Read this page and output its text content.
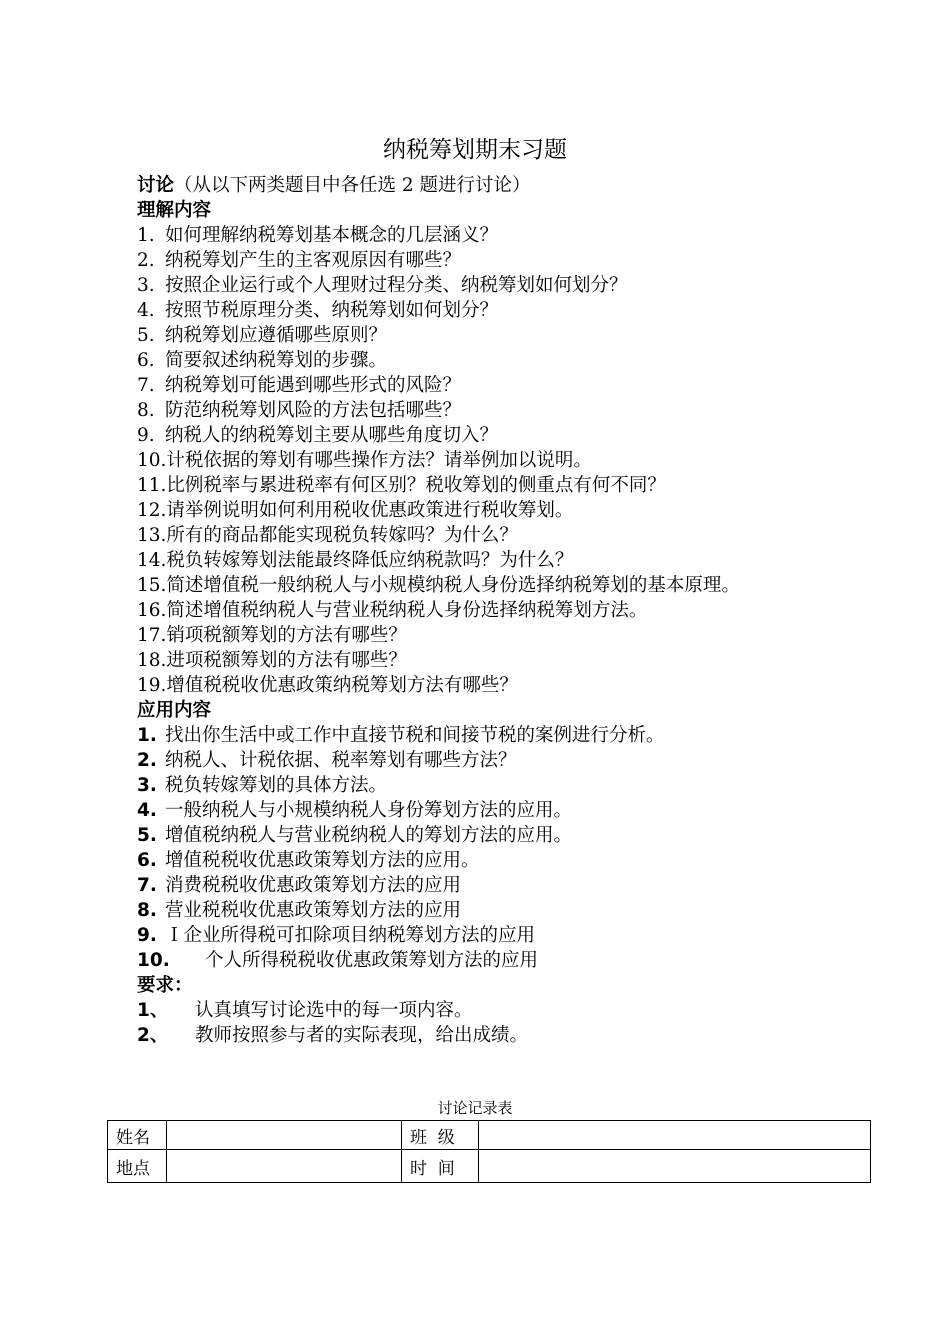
纳税筹划期末习题
讨论（从以下两类题目中各任选 2 题进行讨论）
理解内容
1. 如何理解纳税筹划基本概念的几层涵义？
2. 纳税筹划产生的主客观原因有哪些？
3. 按照企业运行或个人理财过程分类、纳税筹划如何划分？
4. 按照节税原理分类、纳税筹划如何划分？
5. 纳税筹划应遵循哪些原则？
6. 简要叙述纳税筹划的步骤。
7. 纳税筹划可能遇到哪些形式的风险？
8. 防范纳税筹划风险的方法包括哪些？
9. 纳税人的纳税筹划主要从哪些角度切入？
10.计税依据的筹划有哪些操作方法？请举例加以说明。
11.比例税率与累进税率有何区别？税收筹划的侧重点有何不同？
12.请举例说明如何利用税收优惠政策进行税收筹划。
13.所有的商品都能实现税负转嫁吗？为什么？
14.税负转嫁筹划法能最终降低应纳税款吗？为什么？
15.简述增值税一般纳税人与小规模纳税人身份选择纳税筹划的基本原理。
16.简述增值税纳税人与营业税纳税人身份选择纳税筹划方法。
17.销项税额筹划的方法有哪些？
18.进项税额筹划的方法有哪些？
19.增值税税收优惠政策纳税筹划方法有哪些？
应用内容
1. 找出你生活中或工作中直接节税和间接节税的案例进行分析。
2. 纳税人、计税依据、税率筹划有哪些方法？
3. 税负转嫁筹划的具体方法。
4. 一般纳税人与小规模纳税人身份筹划方法的应用。
5. 增值税纳税人与营业税纳税人的筹划方法的应用。
6. 增值税税收优惠政策筹划方法的应用。
7. 消费税税收优惠政策筹划方法的应用
8. 营业税税收优惠政策筹划方法的应用
9. Ｉ企业所得税可扣除项目纳税筹划方法的应用
10. 个人所得税税收优惠政策筹划方法的应用
要求：
1、 认真填写讨论选中的每一项内容。
2、 教师按照参与者的实际表现，给出成绩。
讨论记录表
姓名		班  级	
地点		时  间	
